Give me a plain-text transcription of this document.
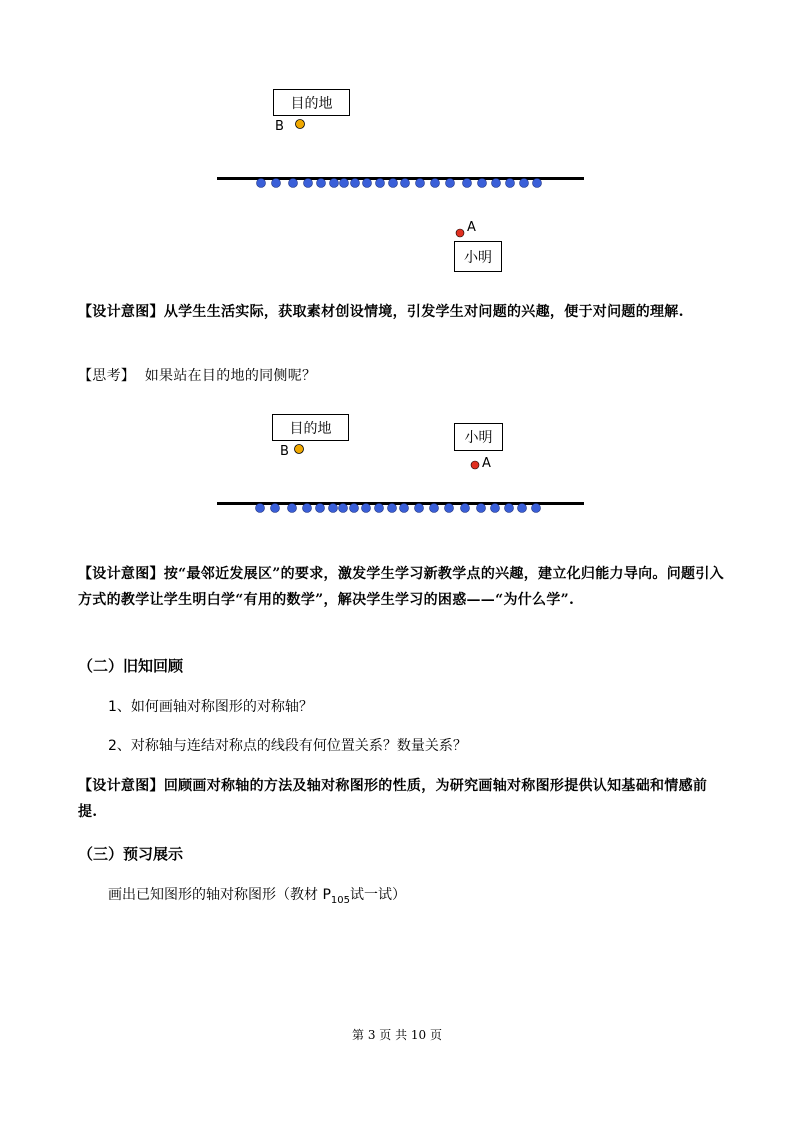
目的地
B
A
小明
目的地
B
小明
A
【设计意图】从学生生活实际，获取素材创设情境，引发学生对问题的兴趣，便于对问题的理解.
【思考】 如果站在目的地的同侧呢？
【设计意图】按“最邻近发展区”的要求，激发学生学习新教学点的兴趣，建立化归能力导向。问题引入方式的教学让学生明白学“有用的数学”，解决学生学习的困惑——“为什么学”.
（二）旧知回顾
1、如何画轴对称图形的对称轴？
2、对称轴与连结对称点的线段有何位置关系？数量关系？
【设计意图】回顾画对称轴的方法及轴对称图形的性质，为研究画轴对称图形提供认知基础和情感前提.
（三）预习展示
画出已知图形的轴对称图形（教材 $P_{105}$试一试）
第 3 页 共 10 页
